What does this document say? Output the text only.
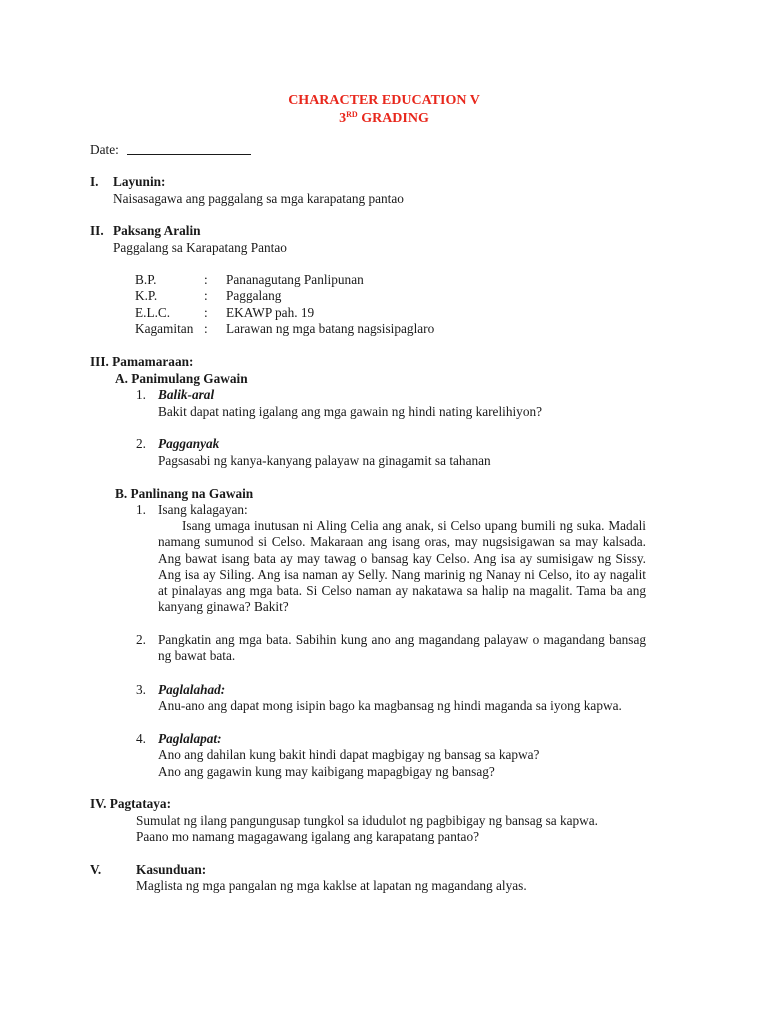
CHARACTER EDUCATION V
3RD GRADING
Date:
I. Layunin:
Naisasagawa ang paggalang sa mga karapatang pantao
II. Paksang Aralin
Paggalang sa Karapatang Pantao
B.P.	: Pananagutang Panlipunan
K.P.	: Paggalang
E.L.C.	: EKAWP pah. 19
Kagamitan : Larawan ng mga batang nagsisipaglaro
III. Pamamaraan:
A. Panimulang Gawain
1. Balik-aral
Bakit dapat nating igalang ang mga gawain ng hindi nating karelihiyon?
2. Pagganyak
Pagsasabi ng kanya-kanyang palayaw na ginagamit sa tahanan
B. Panlinang na Gawain
1. Isang kalagayan:
Isang umaga inutusan ni Aling Celia ang anak, si Celso upang bumili ng suka. Madali namang sumunod si Celso. Makaraan ang isang oras, may nugsisigawan sa may kalsada. Ang bawat isang bata ay may tawag o bansag kay Celso. Ang isa ay sumisigaw ng Sissy. Ang isa ay Siling. Ang isa naman ay Selly. Nang marinig ng Nanay ni Celso, ito ay nagalit at pinalayas ang mga bata. Si Celso naman ay nakatawa sa halip na magalit. Tama ba ang kanyang ginawa? Bakit?
2. Pangkatin ang mga bata. Sabihin kung ano ang magandang palayaw o magandang bansag ng bawat bata.
3. Paglalahad:
Anu-ano ang dapat mong isipin bago ka magbansag ng hindi maganda sa iyong kapwa.
4. Paglalapat:
Ano ang dahilan kung bakit hindi dapat magbigay ng bansag sa kapwa?
Ano ang gagawin kung may kaibigang mapagbigay ng bansag?
IV. Pagtataya:
Sumulat ng ilang pangungusap tungkol sa idudulot ng pagbibigay ng bansag sa kapwa.
Paano mo namang magagawang igalang ang karapatang pantao?
V.	Kasunduan:
Maglista ng mga pangalan ng mga kaklse at lapatan ng magandang alyas.
